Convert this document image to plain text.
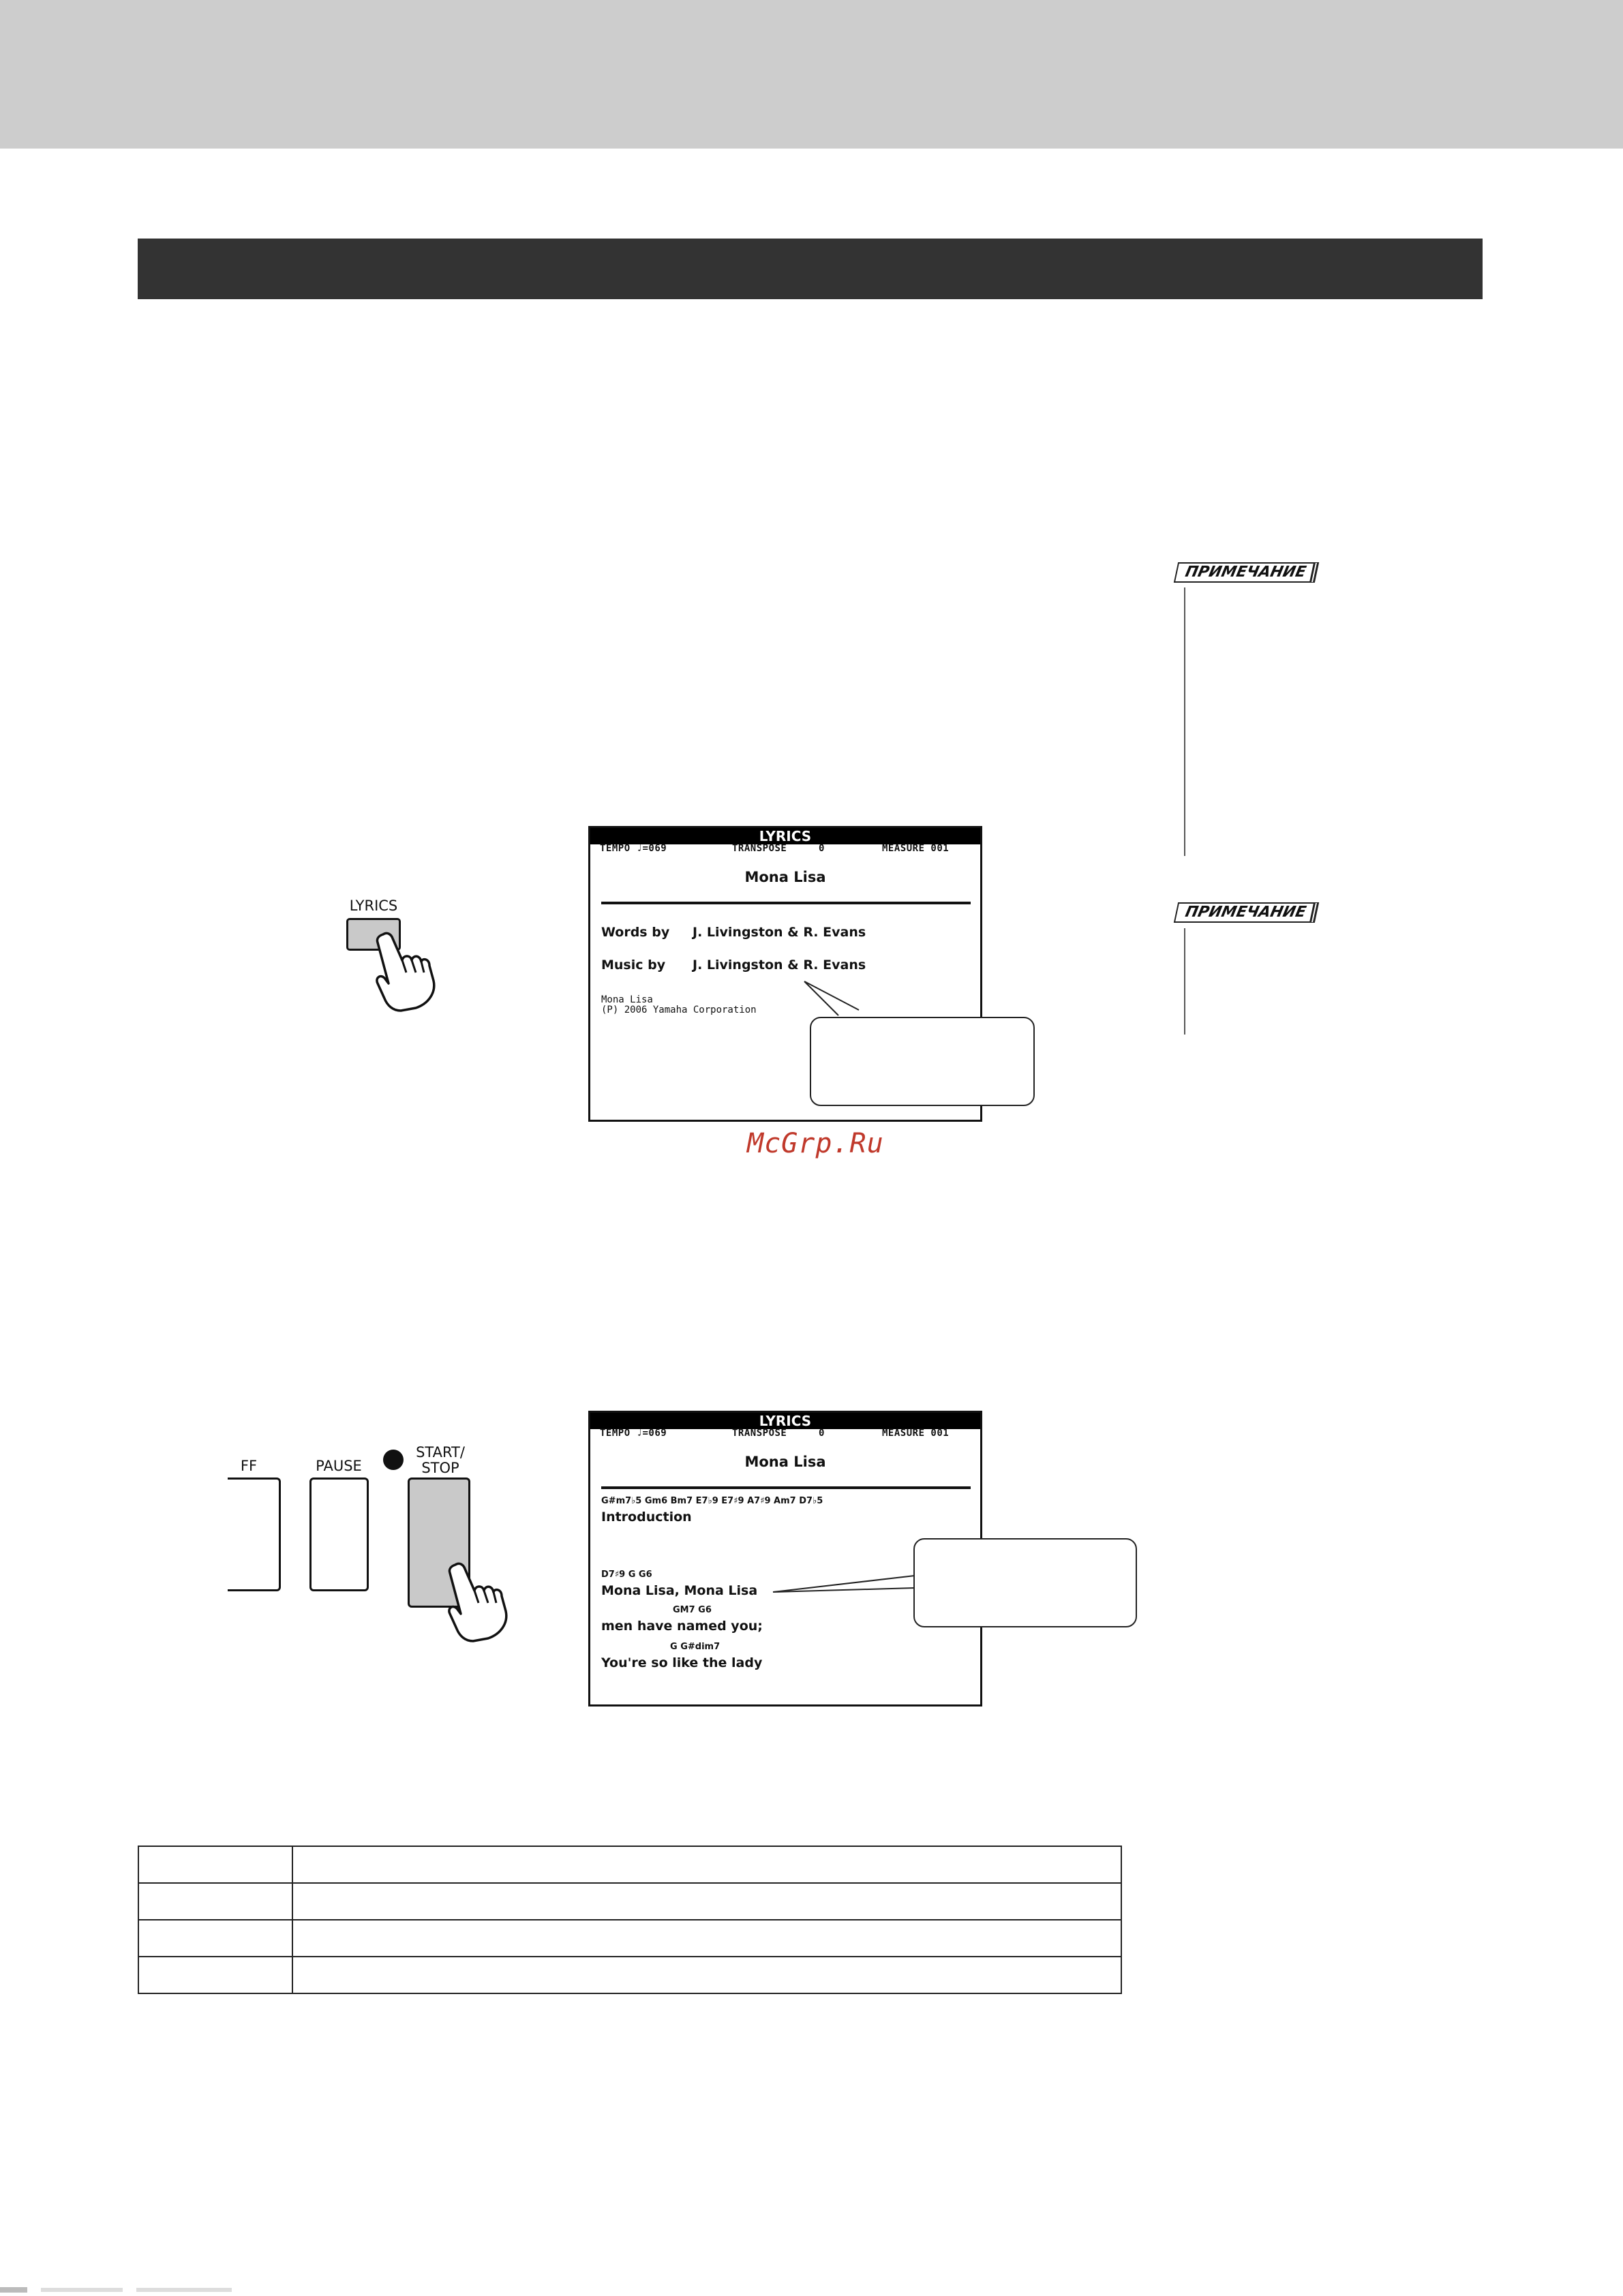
ПРИМЕЧАНИЕ
ПРИМЕЧАНИЕ
LYRICS
LYRICS
TEMPO ♩=069	TRANSPOSE	0	MEASURE 001
Mona Lisa
Words by J. Livingston & R. Evans
Music by J. Livingston & R. Evans
Mona Lisa
(P) 2006 Yamaha Corporation
McGrp.Ru
FF	PAUSE
START/
STOP
LYRICS
TEMPO ♩=069	TRANSPOSE	0	MEASURE 001
Mona Lisa
G#m7♭5 Gm6 Bm7 E7♭9 E7♯9 A7♯9 Am7 D7♭5
Introduction
D7♯9 G G6
Mona Lisa, Mona Lisa
GM7 G6
men have named you;
G G#dim7
You're so like the lady
